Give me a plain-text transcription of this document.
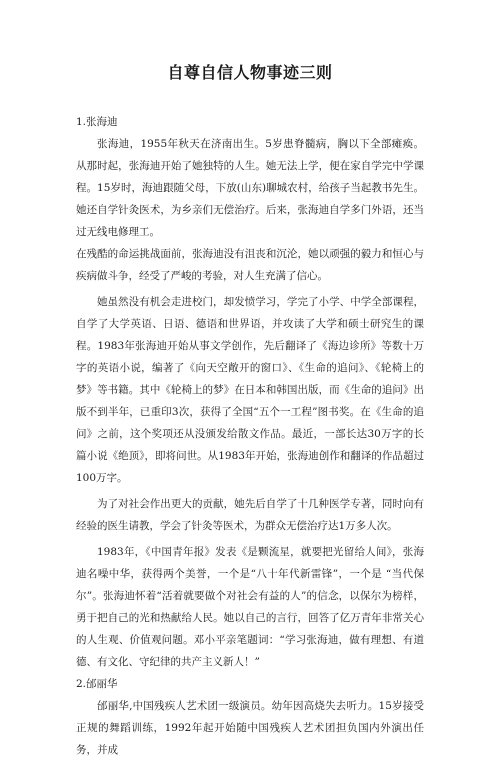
自尊自信人物事迹三则

1.张海迪

张海迪，1955年秋天在济南出生。5岁患脊髓病，胸以下全部瘫痪。从那时起，张海迪开始了她独特的人生。她无法上学，便在家自学完中学课程。15岁时，海迪跟随父母，下放(山东)聊城农村，给孩子当起教书先生。她还自学针灸医术，为乡亲们无偿治疗。后来，张海迪自学多门外语，还当过无线电修理工。

在残酷的命运挑战面前，张海迪没有沮丧和沉沦，她以顽强的毅力和恒心与疾病做斗争，经受了严峻的考验，对人生充满了信心。

她虽然没有机会走进校门，却发愤学习，学完了小学、中学全部课程，自学了大学英语、日语、德语和世界语，并攻读了大学和硕士研究生的课程。1983年张海迪开始从事文学创作，先后翻译了《海边诊所》等数十万字的英语小说，编著了《向天空敞开的窗口》、《生命的追问》、《轮椅上的梦》等书籍。其中《轮椅上的梦》在日本和韩国出版，而《生命的追问》出版不到半年，已重印3次，获得了全国“五个一工程”图书奖。在《生命的追问》之前，这个奖项还从没颁发给散文作品。最近，一部长达30万字的长篇小说《绝顶》，即将问世。从1983年开始，张海迪创作和翻译的作品超过100万字。

为了对社会作出更大的贡献，她先后自学了十几种医学专著，同时向有经验的医生请教，学会了针灸等医术，为群众无偿治疗达1万多人次。

1983年，《中国青年报》发表《是颗流星，就要把光留给人间》，张海迪名噪中华，获得两个美誉，一个是“八十年代新雷锋”，一个是 “当代保尔”。张海迪怀着“活着就要做个对社会有益的人”的信念，以保尔为榜样，勇于把自己的光和热献给人民。她以自己的言行，回答了亿万青年非常关心的人生观、价值观问题。邓小平亲笔题词：“学习张海迪，做有理想、有道德、有文化、守纪律的共产主义新人！”

2.邰丽华

邰丽华,中国残疾人艺术团一级演员。幼年因高烧失去听力。15岁接受正规的舞蹈训练，1992年起开始随中国残疾人艺术团担负国内外演出任务，并成
